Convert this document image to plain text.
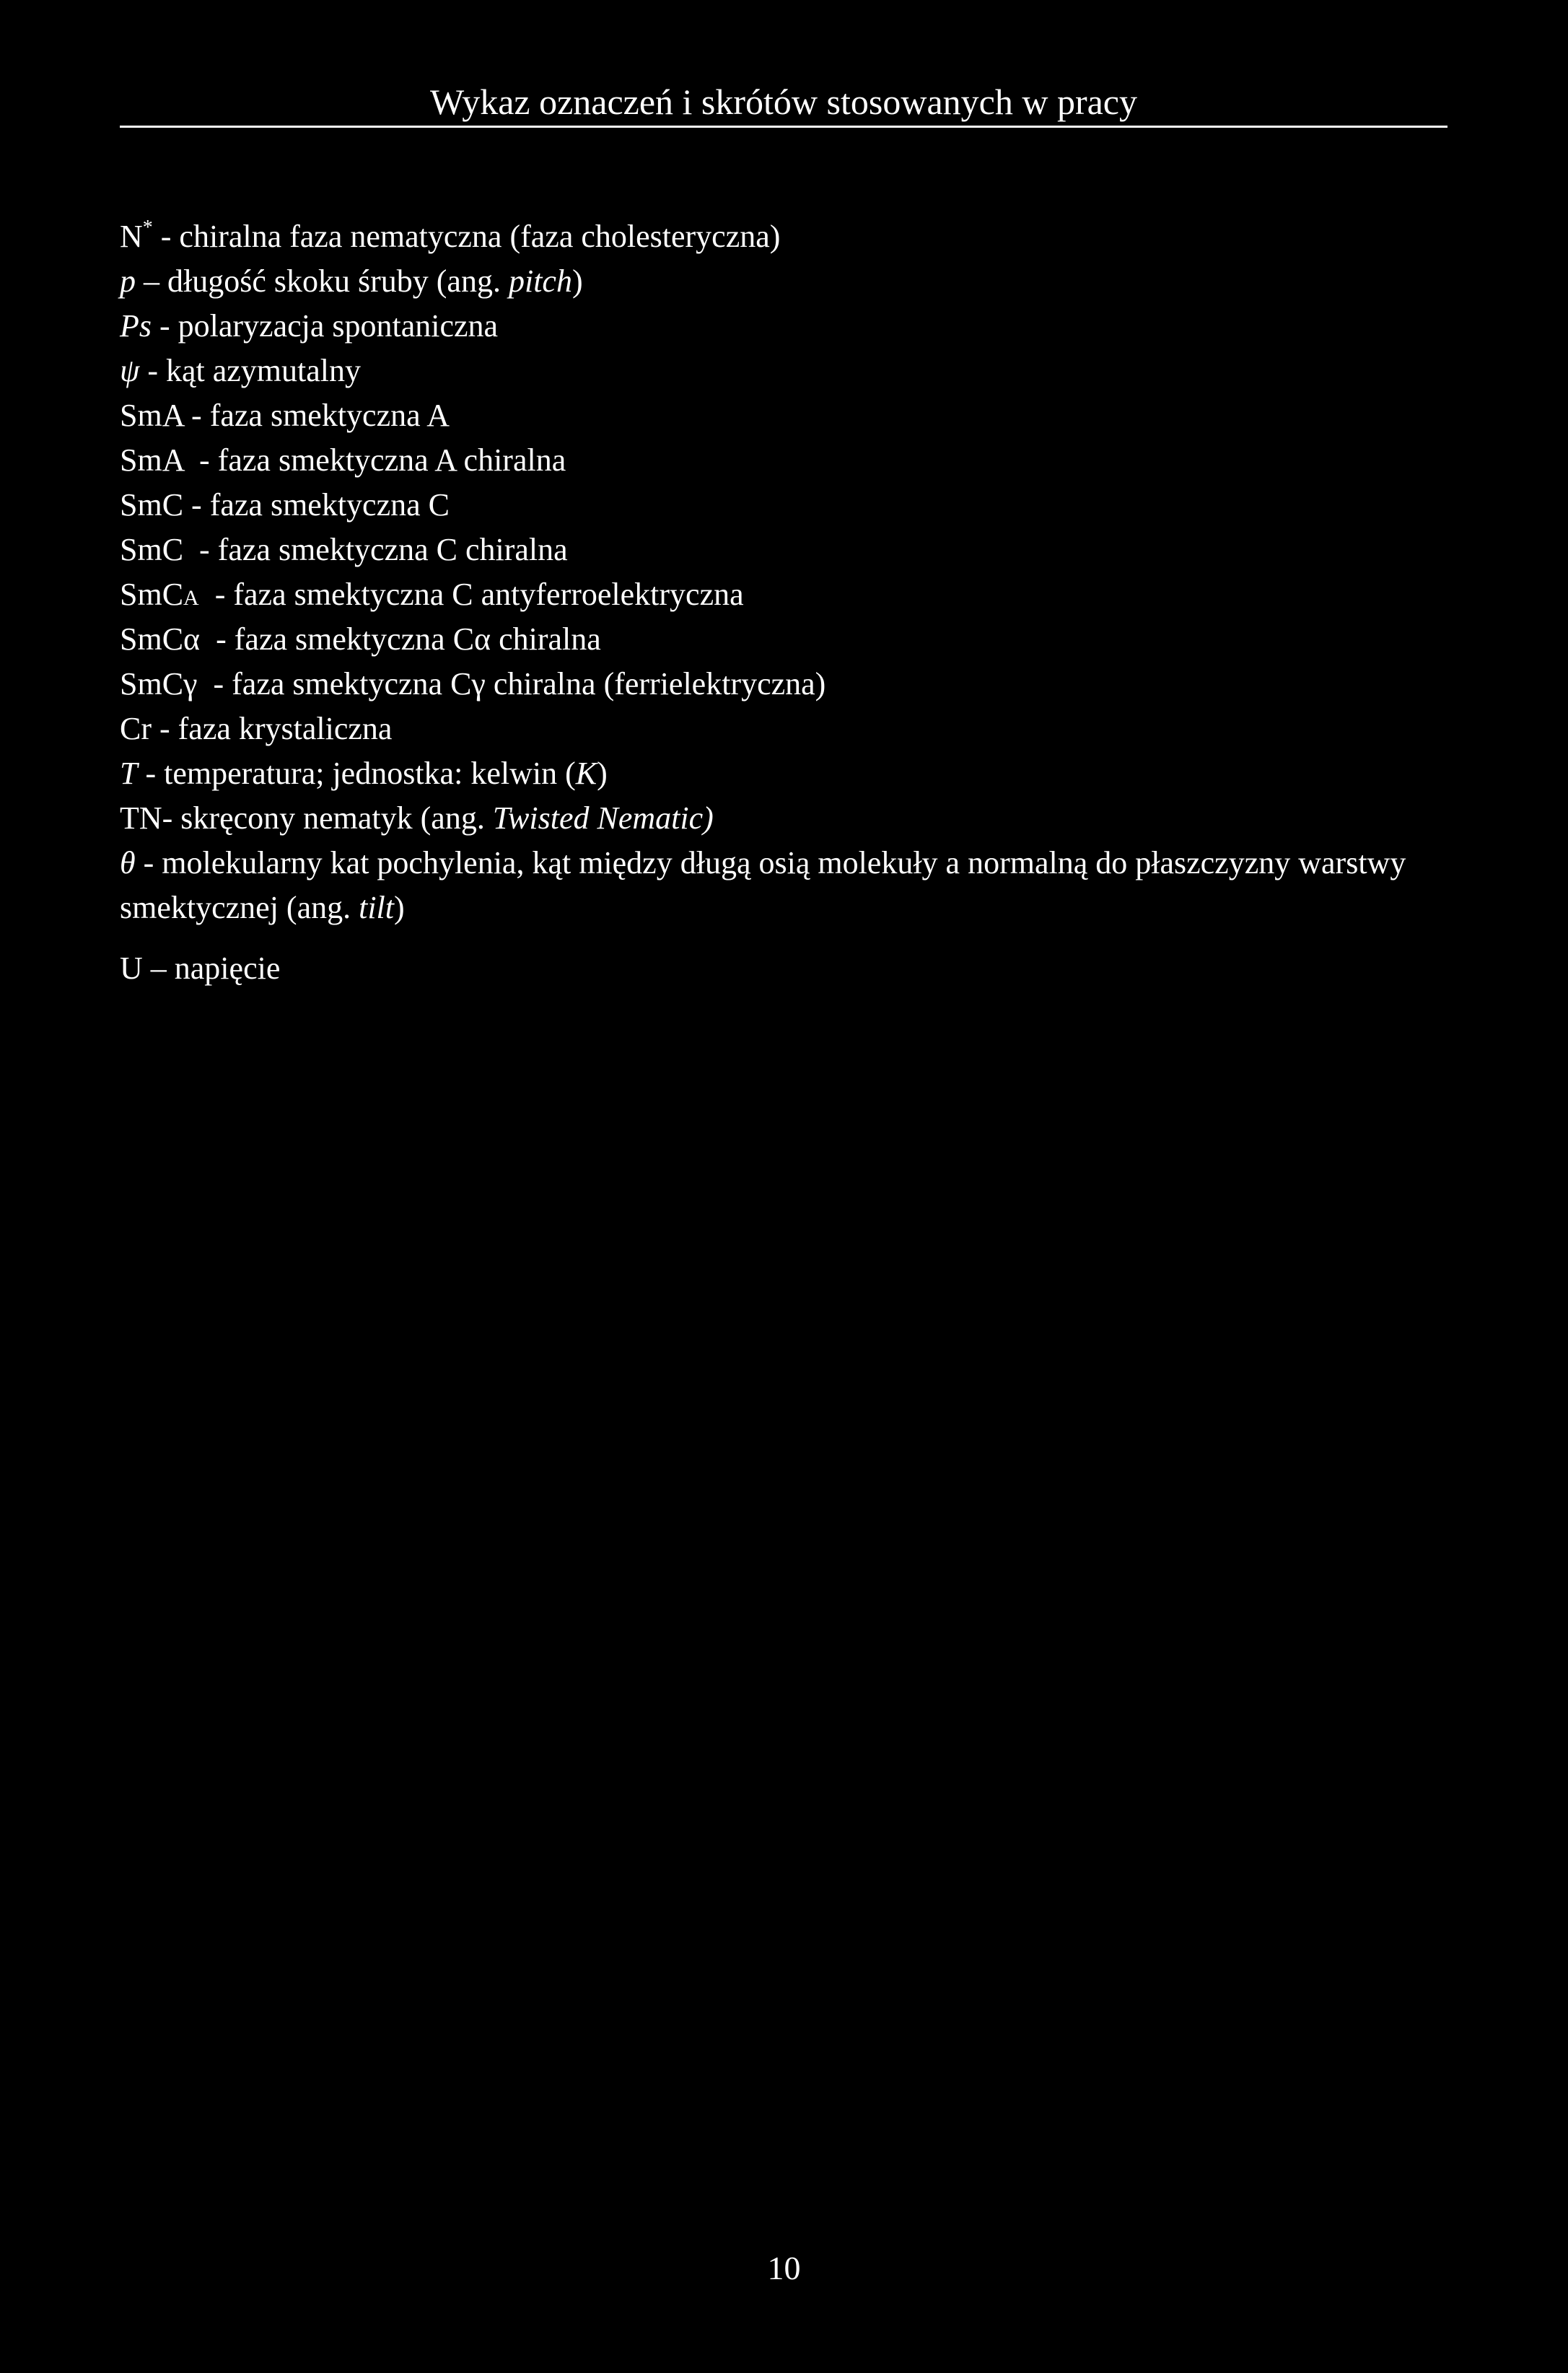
Wykaz oznaczeń i skrótów stosowanych w pracy

N* - chiralna faza nematyczna (faza cholesteryczna)

p – długość skoku śruby (ang. pitch)

Ps - polaryzacja spontaniczna

ψ - kąt azymutalny

SmA - faza smektyczna A

SmA  - faza smektyczna A chiralna

SmC - faza smektyczna C

SmC  - faza smektyczna C chiralna

SmCA  - faza smektyczna C antyferroelektryczna

SmCα  - faza smektyczna Cα chiralna

SmCγ  - faza smektyczna Cγ chiralna (ferrielektryczna)

Cr - faza krystaliczna

T - temperatura; jednostka: kelwin (K)

TN- skręcony nematyk (ang. Twisted Nematic)

θ - molekularny kat pochylenia, kąt między długą osią molekuły a normalną do płaszczyzny warstwy smektycznej (ang. tilt)

U – napięcie

10
